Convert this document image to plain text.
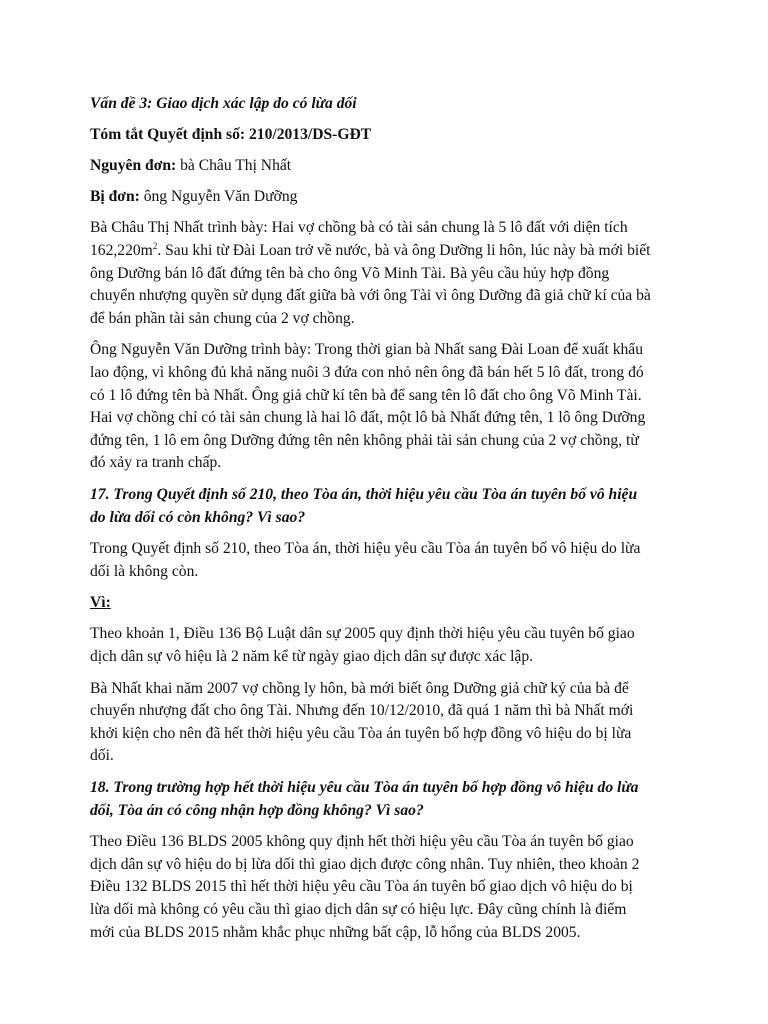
Vấn đề 3: Giao dịch xác lập do có lừa dối
Tóm tắt Quyết định số: 210/2013/DS-GĐT
Nguyên đơn: bà Châu Thị Nhất
Bị đơn: ông Nguyễn Văn Dưỡng
Bà Châu Thị Nhất trình bày: Hai vợ chồng bà có tài sản chung là 5 lô đất với diện tích
$162,220m^2$. Sau khi từ Đài Loan trở về nước, bà và ông Dưỡng li hôn, lúc này bà mới biết
ông Dưỡng bán lô đất đứng tên bà cho ông Võ Minh Tài. Bà yêu cầu hủy hợp đồng
chuyển nhượng quyền sử dụng đất giữa bà với ông Tài vì ông Dưỡng đã giả chữ kí của bà
để bán phần tài sản chung của 2 vợ chồng.
Ông Nguyễn Văn Dưỡng trình bày: Trong thời gian bà Nhất sang Đài Loan để xuất khẩu
lao động, vì không đủ khả năng nuôi 3 đứa con nhỏ nên ông đã bán hết 5 lô đất, trong đó
có 1 lô đứng tên bà Nhất. Ông giả chữ kí tên bà để sang tên lô đất cho ông Võ Minh Tài.
Hai vợ chồng chỉ có tài sản chung là hai lô đất, một lô bà Nhất đứng tên, 1 lô ông Dưỡng
đứng tên, 1 lô em ông Dưỡng đứng tên nên không phải tài sản chung của 2 vợ chồng, từ
đó xảy ra tranh chấp.
17. Trong Quyết định số 210, theo Tòa án, thời hiệu yêu cầu Tòa án tuyên bố vô hiệu
do lừa dối có còn không? Vì sao?
Trong Quyết định số 210, theo Tòa án, thời hiệu yêu cầu Tòa án tuyên bố vô hiệu do lừa
dối là không còn.
Vì:
Theo khoản 1, Điều 136 Bộ Luật dân sự 2005 quy định thời hiệu yêu cầu tuyên bố giao
dịch dân sự vô hiệu là 2 năm kể từ ngày giao dịch dân sự được xác lập.
Bà Nhất khai năm 2007 vợ chồng ly hôn, bà mới biết ông Dưỡng giả chữ ký của bà để
chuyển nhượng đất cho ông Tài. Nhưng đến 10/12/2010, đã quá 1 năm thì bà Nhất mới
khởi kiện cho nên đã hết thời hiệu yêu cầu Tòa án tuyên bố hợp đồng vô hiệu do bị lừa
dối.
18. Trong trường hợp hết thời hiệu yêu cầu Tòa án tuyên bố hợp đồng vô hiệu do lừa
dối, Tòa án có công nhận hợp đồng không? Vì sao?
Theo Điều 136 BLDS 2005 không quy định hết thời hiệu yêu cầu Tòa án tuyên bố giao
dịch dân sự vô hiệu do bị lừa dối thì giao dịch được công nhân. Tuy nhiên, theo khoản 2
Điều 132 BLDS 2015 thì hết thời hiệu yêu cầu Tòa án tuyên bố giao dịch vô hiệu do bị
lừa dối mà không có yêu cầu thì giao dịch dân sự có hiệu lực. Đây cũng chính là điểm
mới của BLDS 2015 nhằm khắc phục những bất cập, lỗ hổng của BLDS 2005.
